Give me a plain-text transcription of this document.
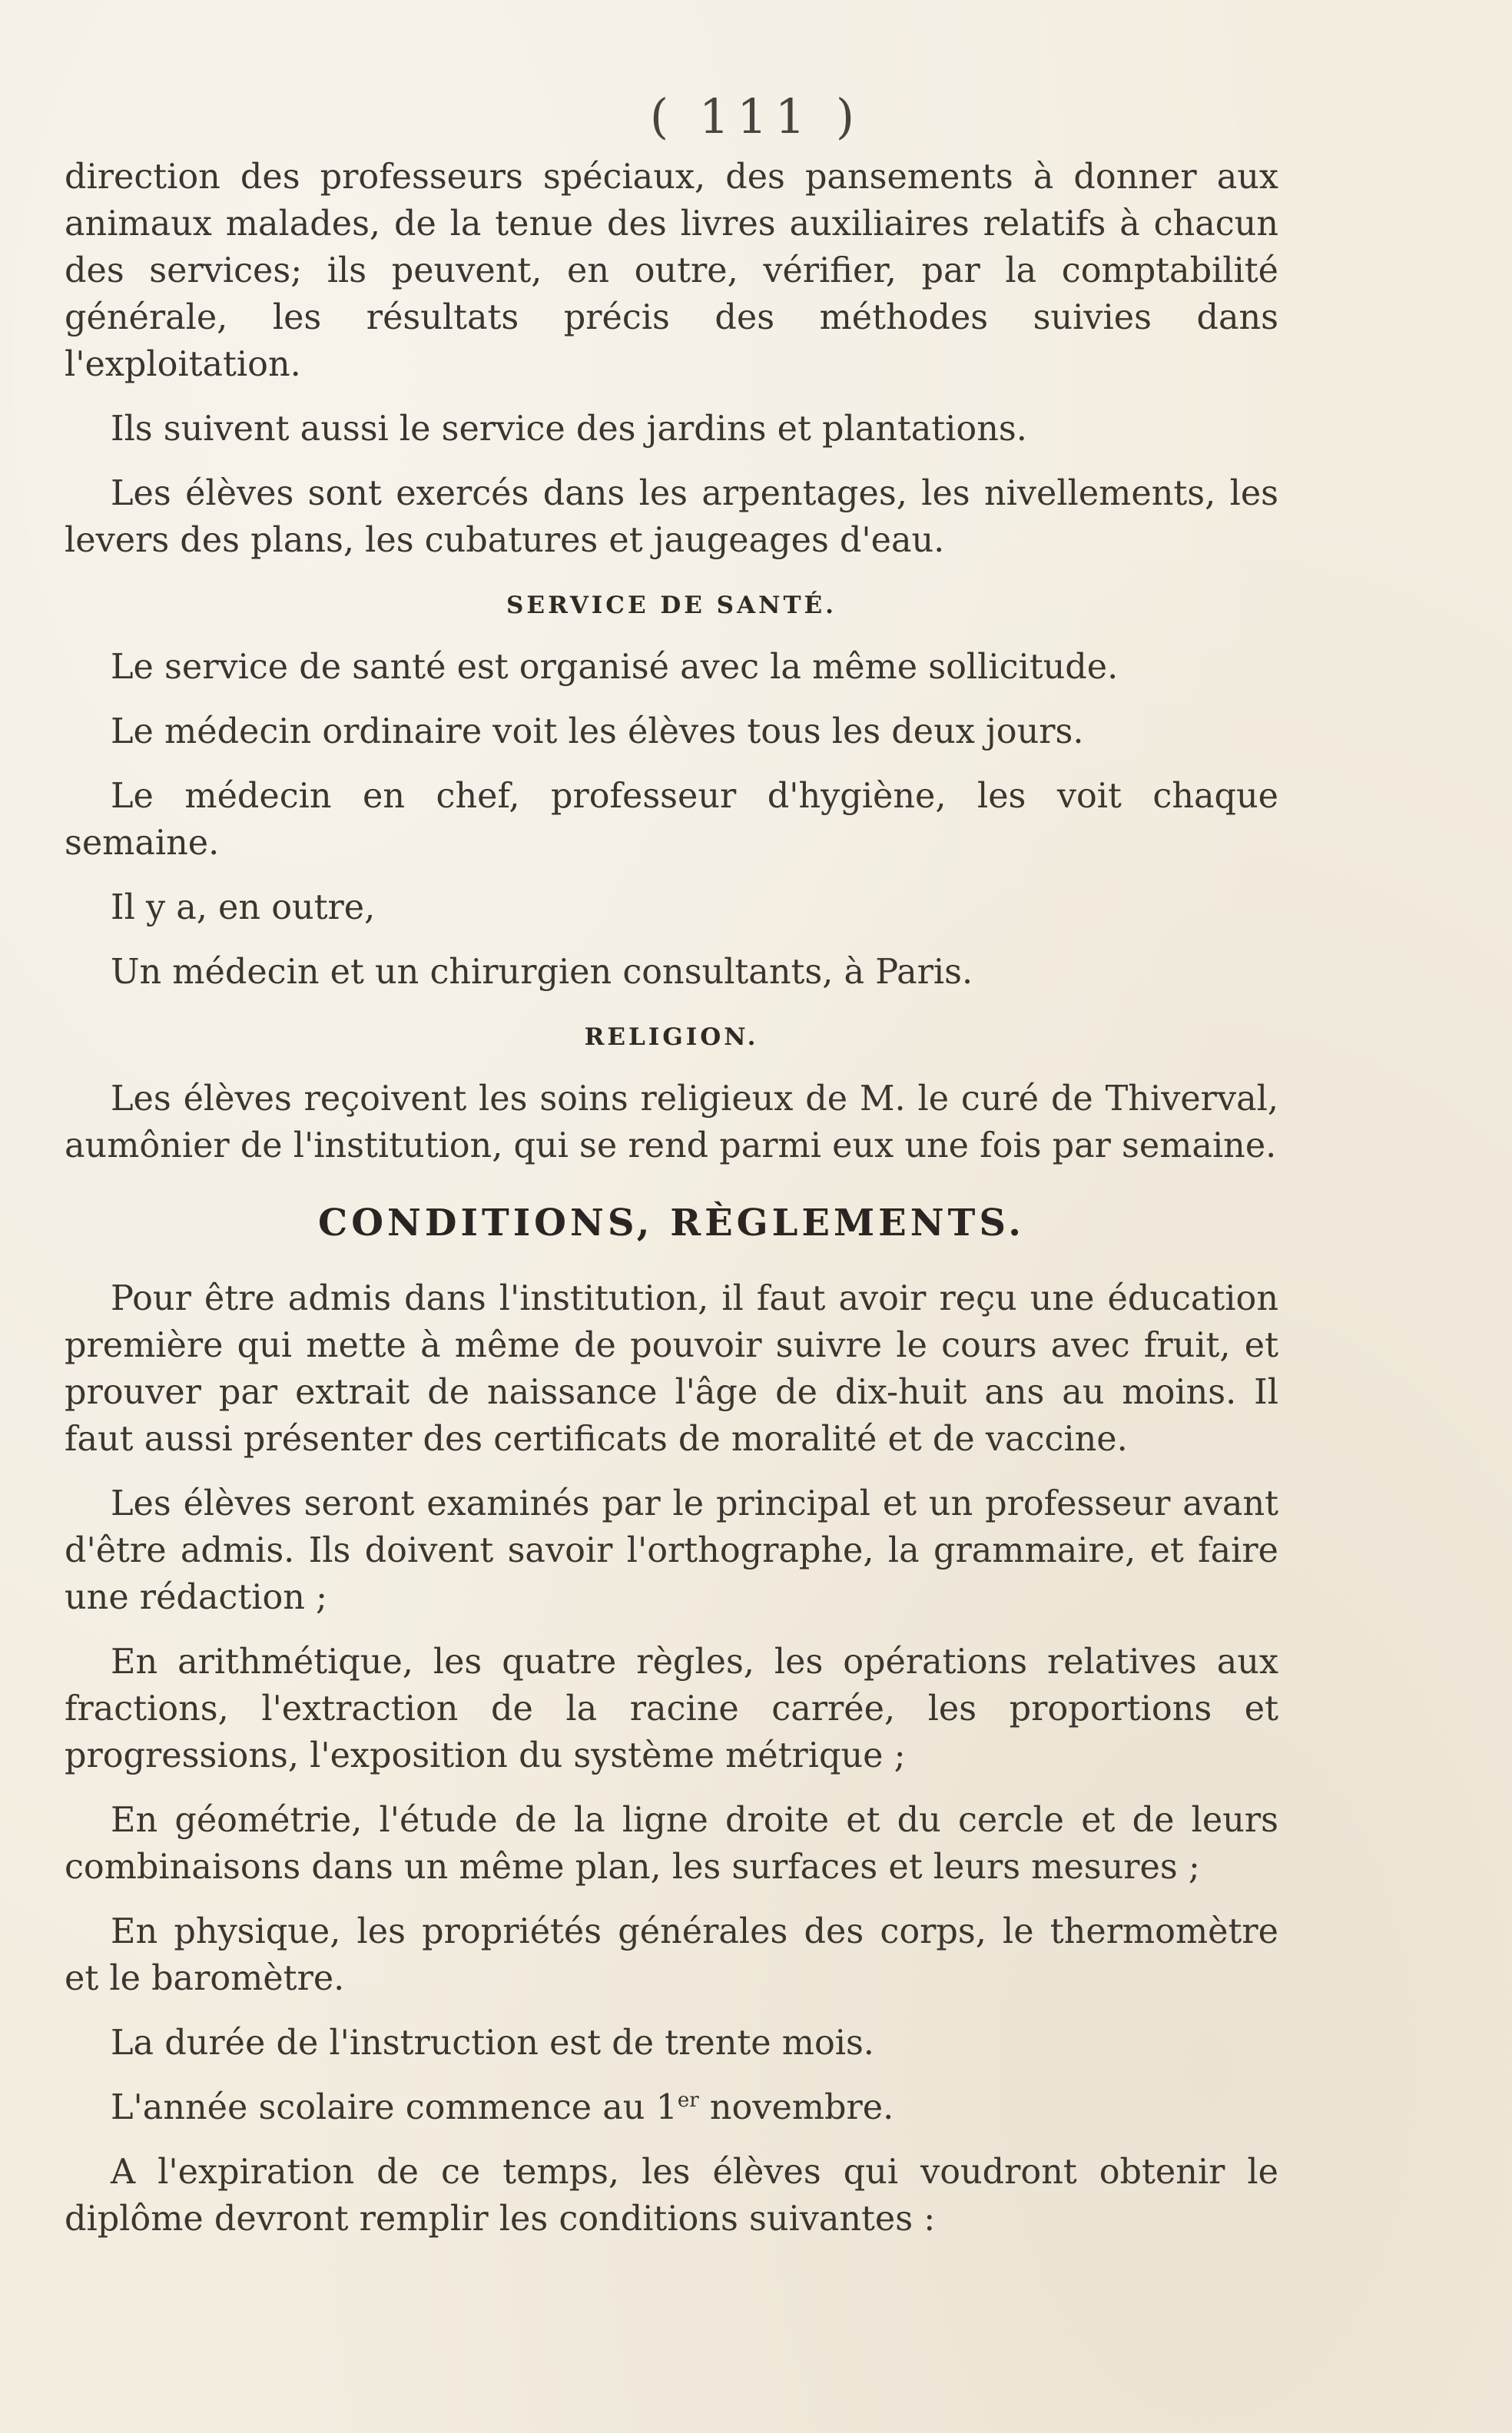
( 111 )

direction des professeurs spéciaux, des pansements à donner aux animaux malades, de la tenue des livres auxiliaires relatifs à chacun des services; ils peuvent, en outre, vérifier, par la comptabilité générale, les résultats précis des méthodes suivies dans l'exploitation.

Ils suivent aussi le service des jardins et plantations.

Les élèves sont exercés dans les arpentages, les nivellements, les levers des plans, les cubatures et jaugeages d'eau.

SERVICE DE SANTÉ.

Le service de santé est organisé avec la même sollicitude.

Le médecin ordinaire voit les élèves tous les deux jours.

Le médecin en chef, professeur d'hygiène, les voit chaque semaine.

Il y a, en outre,

Un médecin et un chirurgien consultants, à Paris.

RELIGION.

Les élèves reçoivent les soins religieux de M. le curé de Thiverval, aumônier de l'institution, qui se rend parmi eux une fois par semaine.

CONDITIONS, RÈGLEMENTS.

Pour être admis dans l'institution, il faut avoir reçu une éducation première qui mette à même de pouvoir suivre le cours avec fruit, et prouver par extrait de naissance l'âge de dix-huit ans au moins. Il faut aussi présenter des certificats de moralité et de vaccine.

Les élèves seront examinés par le principal et un professeur avant d'être admis. Ils doivent savoir l'orthographe, la grammaire, et faire une rédaction ;

En arithmétique, les quatre règles, les opérations relatives aux fractions, l'extraction de la racine carrée, les proportions et progressions, l'exposition du système métrique ;

En géométrie, l'étude de la ligne droite et du cercle et de leurs combinaisons dans un même plan, les surfaces et leurs mesures ;

En physique, les propriétés générales des corps, le thermomètre et le baromètre.

La durée de l'instruction est de trente mois.

L'année scolaire commence au 1er novembre.

A l'expiration de ce temps, les élèves qui voudront obtenir le diplôme devront remplir les conditions suivantes :
